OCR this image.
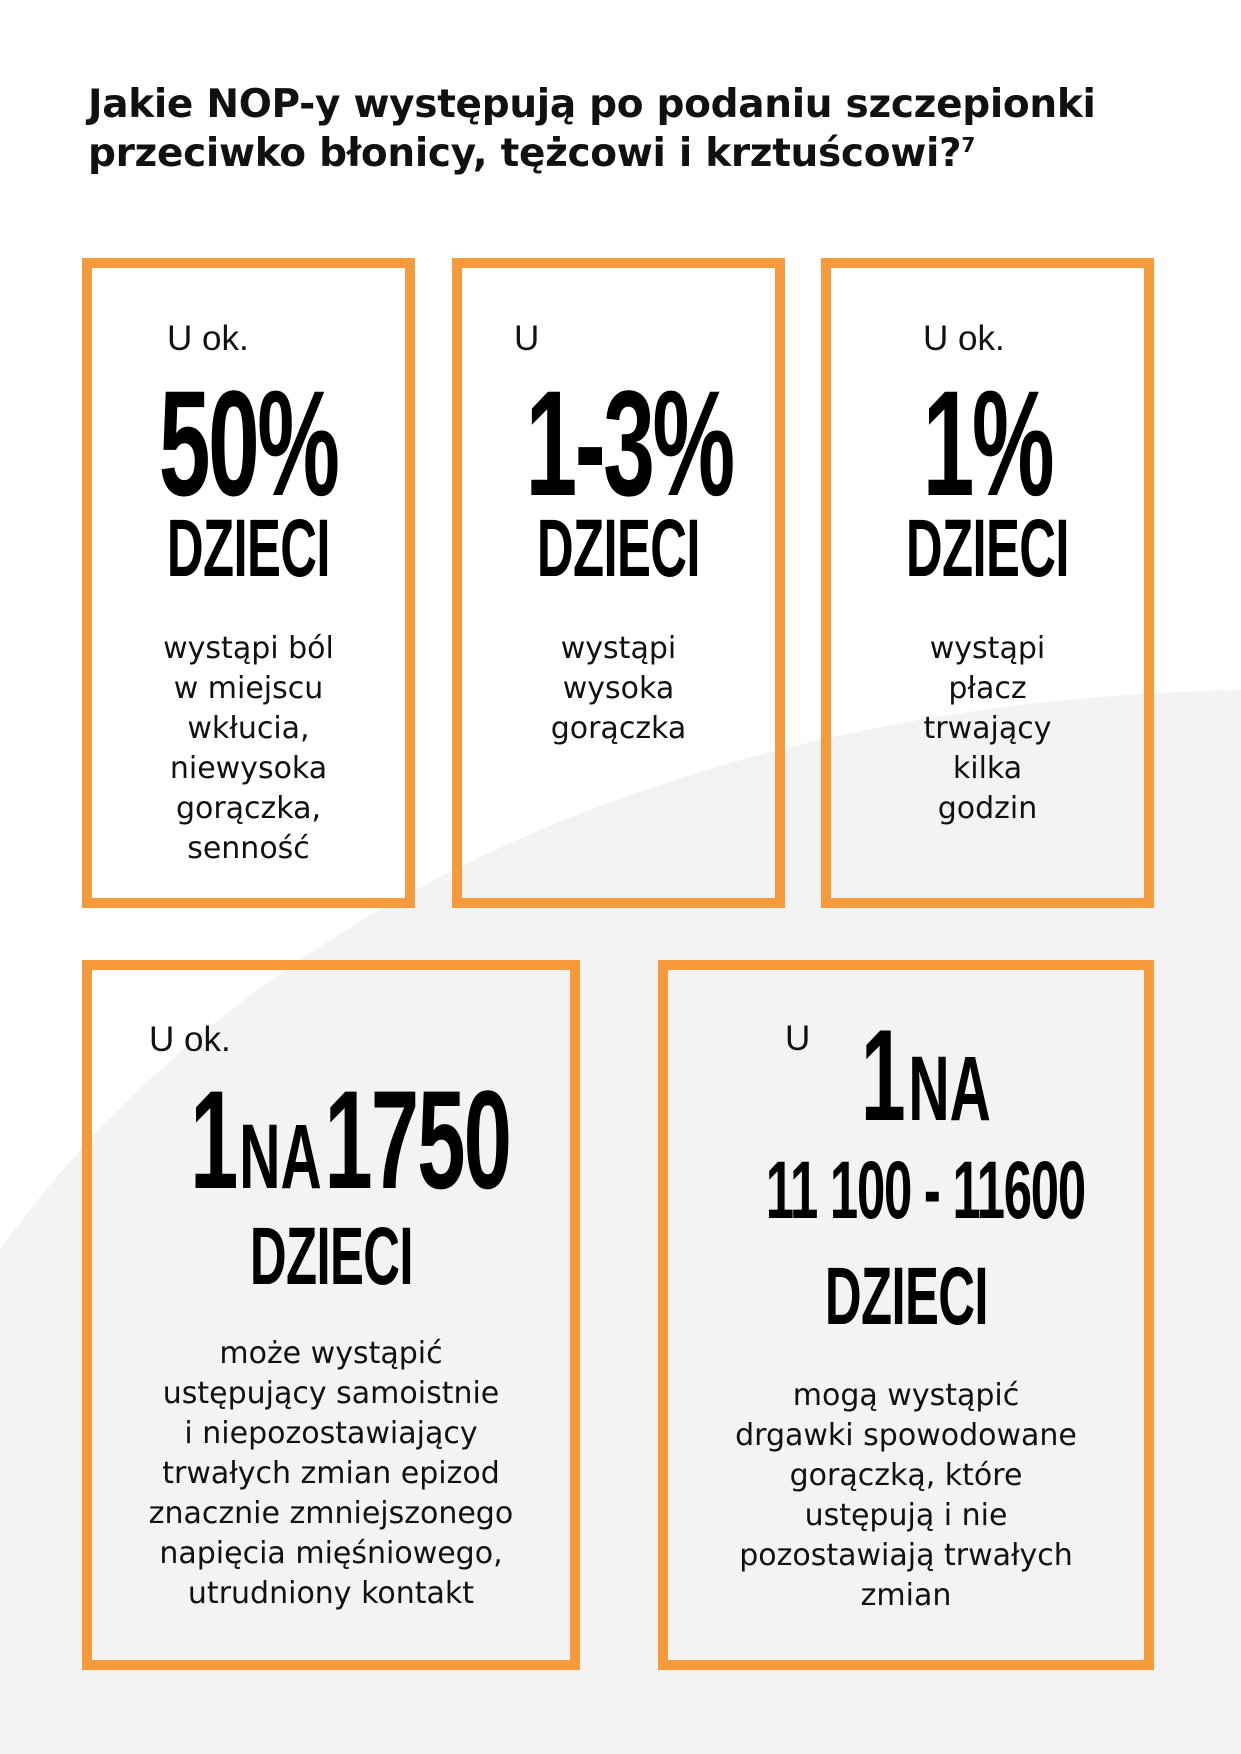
Jakie NOP-y występują po podaniu szczepionki
przeciwko błonicy, tężcowi i krztuścowi?$^7$
U ok.
50%
DZIECI
wystąpi ból
w miejscu
wkłucia,
niewysoka
gorączka,
senność
U
1-3%
DZIECI
wystąpi
wysoka
gorączka
U ok.
1%
DZIECI
wystąpi
płacz
trwający
kilka
godzin
U ok.
1 NA 1750
DZIECI
może wystąpić
ustępujący samoistnie
i niepozostawiający
trwałych zmian epizod
znacznie zmniejszonego
napięcia mięśniowego,
utrudniony kontakt
U 1 NA
11 100 - 11600
DZIECI
mogą wystąpić
drgawki spowodowane
gorączką, które
ustępują i nie
pozostawiają trwałych
zmian
